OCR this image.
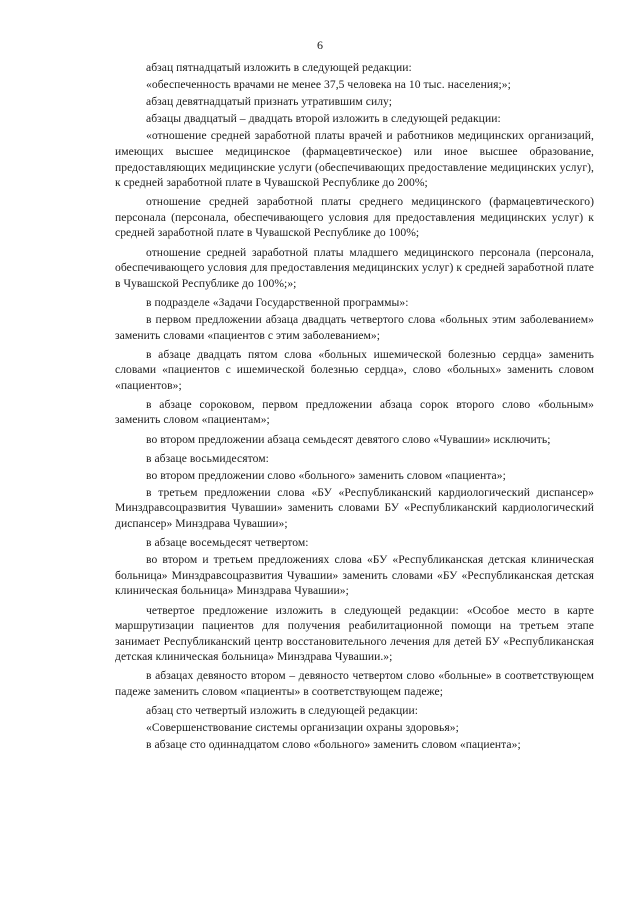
6

абзац пятнадцатый изложить в следующей редакции:

«обеспеченность врачами не менее 37,5 человека на 10 тыс. населения;»;

абзац девятнадцатый признать утратившим силу;

абзацы двадцатый – двадцать второй изложить в следующей редакции:

«отношение средней заработной платы врачей и работников медицинских организаций, имеющих высшее медицинское (фармацевтическое) или иное высшее образование, предоставляющих медицинские услуги (обеспечивающих предоставление медицинских услуг), к средней заработной плате в Чувашской Республике до 200%;

отношение средней заработной платы среднего медицинского (фармацевтического) персонала (персонала, обеспечивающего условия для предоставления медицинских услуг) к средней заработной плате в Чувашской Республике до 100%;

отношение средней заработной платы младшего медицинского персонала (персонала, обеспечивающего условия для предоставления медицинских услуг) к средней заработной плате в Чувашской Республике до 100%;»;

в подразделе «Задачи Государственной программы»:

в первом предложении абзаца двадцать четвертого слова «больных этим заболеванием» заменить словами «пациентов с этим заболеванием»;

в абзаце двадцать пятом слова «больных ишемической болезнью сердца» заменить словами «пациентов с ишемической болезнью сердца», слово «больных» заменить словом «пациентов»;

в абзаце сороковом, первом предложении абзаца сорок второго слово «больным» заменить словом «пациентам»;

во втором предложении абзаца семьдесят девятого слово «Чувашии» исключить;

в абзаце восьмидесятом:

во втором предложении слово «больного» заменить словом «пациента»;

в третьем предложении слова «БУ «Республиканский кардиологический диспансер» Минздравсоцразвития Чувашии» заменить словами БУ «Республиканский кардиологический диспансер» Минздрава Чувашии»;

в абзаце восемьдесят четвертом:

во втором и третьем предложениях слова «БУ «Республиканская детская клиническая больница» Минздравсоцразвития Чувашии» заменить словами «БУ «Республиканская детская клиническая больница» Минздрава Чувашии»;

четвертое предложение изложить в следующей редакции: «Особое место в карте маршрутизации пациентов для получения реабилитационной помощи на третьем этапе занимает Республиканский центр восстановительного лечения для детей БУ «Республиканская детская клиническая больница» Минздрава Чувашии.»;

в абзацах девяносто втором – девяносто четвертом слово «больные» в соответствующем падеже заменить словом «пациенты» в соответствующем падеже;

абзац сто четвертый изложить в следующей редакции:

«Совершенствование системы организации охраны здоровья»;

в абзаце сто одиннадцатом слово «больного» заменить словом «пациента»;
